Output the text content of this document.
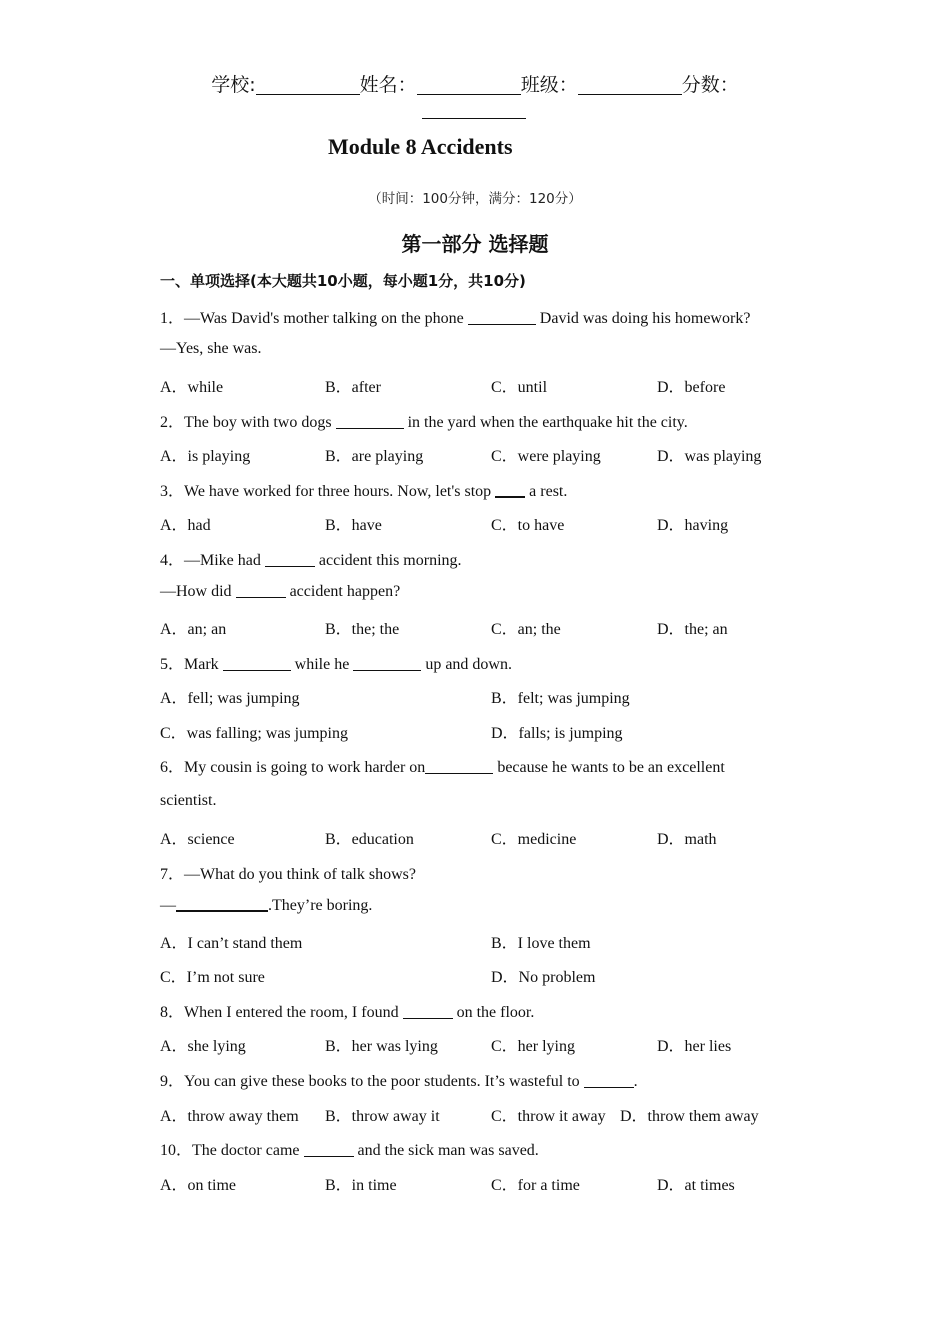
学校:	姓名：	班级：	分数：
Module 8 Accidents
（时间：100分钟，满分：120分）
第一部分 选择题
一、单项选择(本大题共10小题，每小题1分，共10分)
1．—Was David's mother talking on the phone	David was doing his homework?
—Yes, she was.
A．while	B．after	C．until	D．before
2．The boy with two dogs	in the yard when the earthquake hit the city.
A．is playing	B．are playing	C．were playing	D．was playing
3．We have worked for three hours. Now, let's stop  a rest.
A．had	B．have	C．to have	D．having
4．—Mike had	accident this morning.
—How did	accident happen?
A．an; an	B．the; the	C．an; the	D．the; an
5．Mark	while he	up and down.
A．fell; was jumping	B．felt; was jumping
C．was falling; was jumping	D．falls; is jumping
6．My cousin is going to work harder on	because he wants to be an excellent
scientist.
A．science	B．education	C．medicine	D．math
7．—What do you think of talk shows?
—	.They’re boring.
A．I can’t stand them	B．I love them
C．I’m not sure	D．No problem
8．When I entered the room, I found	on the floor.
A．she lying	B．her was lying	C．her lying	D．her lies
9．You can give these books to the poor students. It’s wasteful to	.
A．throw away them B．throw away it	C．throw it away D．throw them away
10．The doctor came	and the sick man was saved.
A．on time	B．in time	C．for a time	D．at times
